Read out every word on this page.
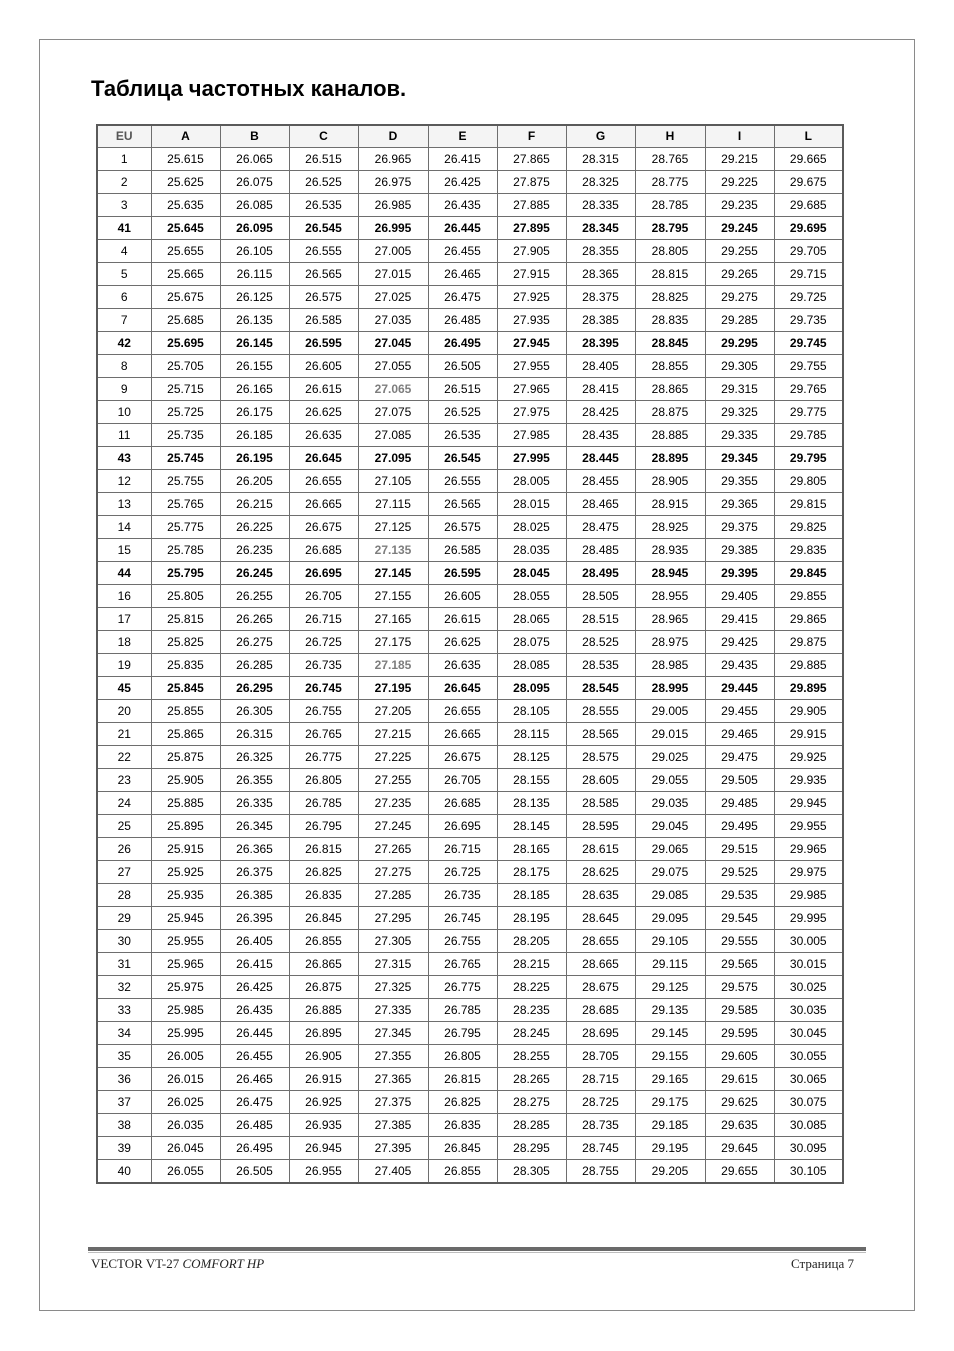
Таблица частотных каналов.
EU	A	B	C	D	E	F	G	H	I	L
1	25.615	26.065	26.515	26.965	26.415	27.865	28.315	28.765	29.215	29.665
2	25.625	26.075	26.525	26.975	26.425	27.875	28.325	28.775	29.225	29.675
3	25.635	26.085	26.535	26.985	26.435	27.885	28.335	28.785	29.235	29.685
41	25.645	26.095	26.545	26.995	26.445	27.895	28.345	28.795	29.245	29.695
4	25.655	26.105	26.555	27.005	26.455	27.905	28.355	28.805	29.255	29.705
5	25.665	26.115	26.565	27.015	26.465	27.915	28.365	28.815	29.265	29.715
6	25.675	26.125	26.575	27.025	26.475	27.925	28.375	28.825	29.275	29.725
7	25.685	26.135	26.585	27.035	26.485	27.935	28.385	28.835	29.285	29.735
42	25.695	26.145	26.595	27.045	26.495	27.945	28.395	28.845	29.295	29.745
8	25.705	26.155	26.605	27.055	26.505	27.955	28.405	28.855	29.305	29.755
9	25.715	26.165	26.615	27.065	26.515	27.965	28.415	28.865	29.315	29.765
10	25.725	26.175	26.625	27.075	26.525	27.975	28.425	28.875	29.325	29.775
11	25.735	26.185	26.635	27.085	26.535	27.985	28.435	28.885	29.335	29.785
43	25.745	26.195	26.645	27.095	26.545	27.995	28.445	28.895	29.345	29.795
12	25.755	26.205	26.655	27.105	26.555	28.005	28.455	28.905	29.355	29.805
13	25.765	26.215	26.665	27.115	26.565	28.015	28.465	28.915	29.365	29.815
14	25.775	26.225	26.675	27.125	26.575	28.025	28.475	28.925	29.375	29.825
15	25.785	26.235	26.685	27.135	26.585	28.035	28.485	28.935	29.385	29.835
44	25.795	26.245	26.695	27.145	26.595	28.045	28.495	28.945	29.395	29.845
16	25.805	26.255	26.705	27.155	26.605	28.055	28.505	28.955	29.405	29.855
17	25.815	26.265	26.715	27.165	26.615	28.065	28.515	28.965	29.415	29.865
18	25.825	26.275	26.725	27.175	26.625	28.075	28.525	28.975	29.425	29.875
19	25.835	26.285	26.735	27.185	26.635	28.085	28.535	28.985	29.435	29.885
45	25.845	26.295	26.745	27.195	26.645	28.095	28.545	28.995	29.445	29.895
20	25.855	26.305	26.755	27.205	26.655	28.105	28.555	29.005	29.455	29.905
21	25.865	26.315	26.765	27.215	26.665	28.115	28.565	29.015	29.465	29.915
22	25.875	26.325	26.775	27.225	26.675	28.125	28.575	29.025	29.475	29.925
23	25.905	26.355	26.805	27.255	26.705	28.155	28.605	29.055	29.505	29.935
24	25.885	26.335	26.785	27.235	26.685	28.135	28.585	29.035	29.485	29.945
25	25.895	26.345	26.795	27.245	26.695	28.145	28.595	29.045	29.495	29.955
26	25.915	26.365	26.815	27.265	26.715	28.165	28.615	29.065	29.515	29.965
27	25.925	26.375	26.825	27.275	26.725	28.175	28.625	29.075	29.525	29.975
28	25.935	26.385	26.835	27.285	26.735	28.185	28.635	29.085	29.535	29.985
29	25.945	26.395	26.845	27.295	26.745	28.195	28.645	29.095	29.545	29.995
30	25.955	26.405	26.855	27.305	26.755	28.205	28.655	29.105	29.555	30.005
31	25.965	26.415	26.865	27.315	26.765	28.215	28.665	29.115	29.565	30.015
32	25.975	26.425	26.875	27.325	26.775	28.225	28.675	29.125	29.575	30.025
33	25.985	26.435	26.885	27.335	26.785	28.235	28.685	29.135	29.585	30.035
34	25.995	26.445	26.895	27.345	26.795	28.245	28.695	29.145	29.595	30.045
35	26.005	26.455	26.905	27.355	26.805	28.255	28.705	29.155	29.605	30.055
36	26.015	26.465	26.915	27.365	26.815	28.265	28.715	29.165	29.615	30.065
37	26.025	26.475	26.925	27.375	26.825	28.275	28.725	29.175	29.625	30.075
38	26.035	26.485	26.935	27.385	26.835	28.285	28.735	29.185	29.635	30.085
39	26.045	26.495	26.945	27.395	26.845	28.295	28.745	29.195	29.645	30.095
40	26.055	26.505	26.955	27.405	26.855	28.305	28.755	29.205	29.655	30.105
VECTOR VT-27 COMFORT HP	Страница 7
